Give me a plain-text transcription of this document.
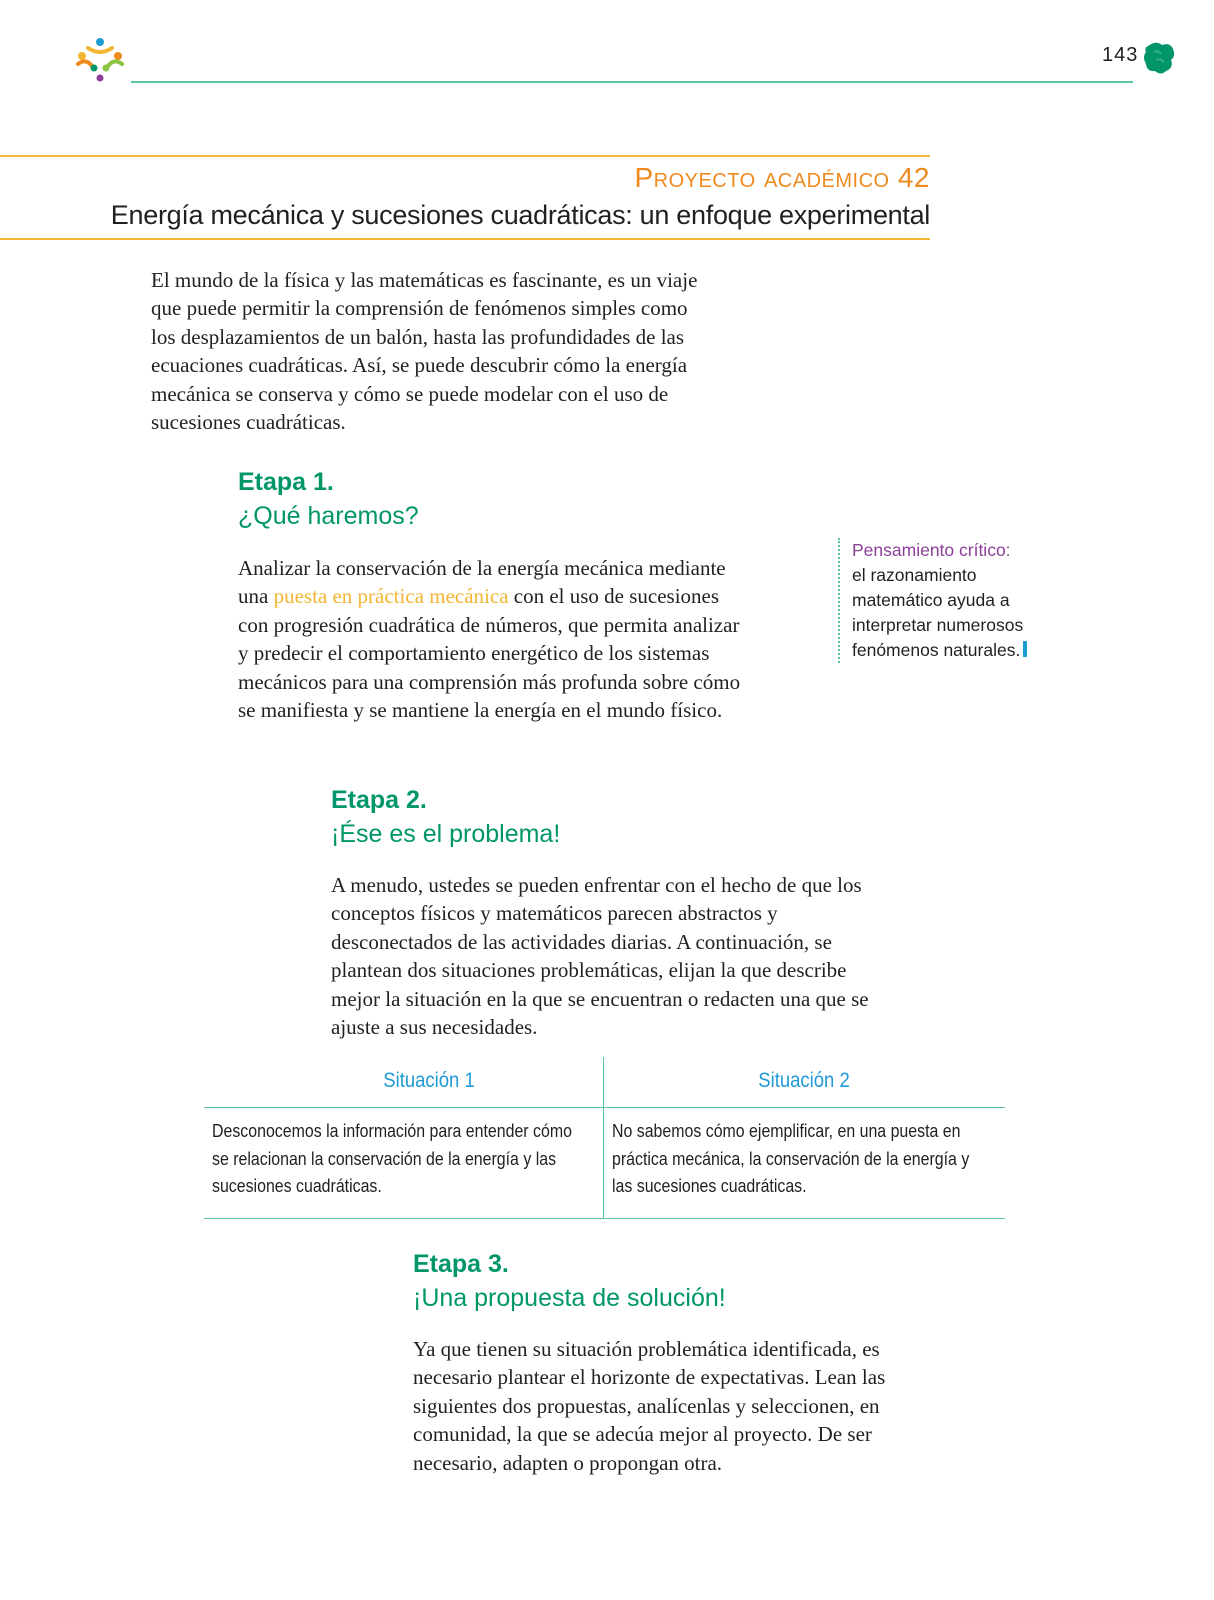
143
Proyecto académico 42
Energía mecánica y sucesiones cuadráticas: un enfoque experimental
El mundo de la física y las matemáticas es fascinante, es un viaje que puede permitir la comprensión de fenómenos simples como los desplazamientos de un balón, hasta las profundidades de las ecuaciones cuadráticas. Así, se puede descubrir cómo la energía mecánica se conserva y cómo se puede modelar con el uso de sucesiones cuadráticas.
Etapa 1.
¿Qué haremos?
Analizar la conservación de la energía mecánica mediante una puesta en práctica mecánica con el uso de sucesiones con progresión cuadrática de números, que permita analizar y predecir el comportamiento energético de los sistemas mecánicos para una comprensión más profunda sobre cómo se manifiesta y se mantiene la energía en el mundo físico.
Pensamiento crítico:
el razonamiento matemático ayuda a interpretar numerosos fenómenos naturales.
Etapa 2.
¡Ése es el problema!
A menudo, ustedes se pueden enfrentar con el hecho de que los conceptos físicos y matemáticos parecen abstractos y desconectados de las actividades diarias. A continuación, se plantean dos situaciones problemáticas, elijan la que describe mejor la situación en la que se encuentran o redacten una que se ajuste a sus necesidades.
Situación 1	Situación 2
Desconocemos la información para entender cómo se relacionan la conservación de la energía y las sucesiones cuadráticas.
No sabemos cómo ejemplificar, en una puesta en práctica mecánica, la conservación de la energía y las sucesiones cuadráticas.
Etapa 3.
¡Una propuesta de solución!
Ya que tienen su situación problemática identificada, es necesario plantear el horizonte de expectativas. Lean las siguientes dos propuestas, analícenlas y seleccionen, en comunidad, la que se adecúa mejor al proyecto. De ser necesario, adapten o propongan otra.
